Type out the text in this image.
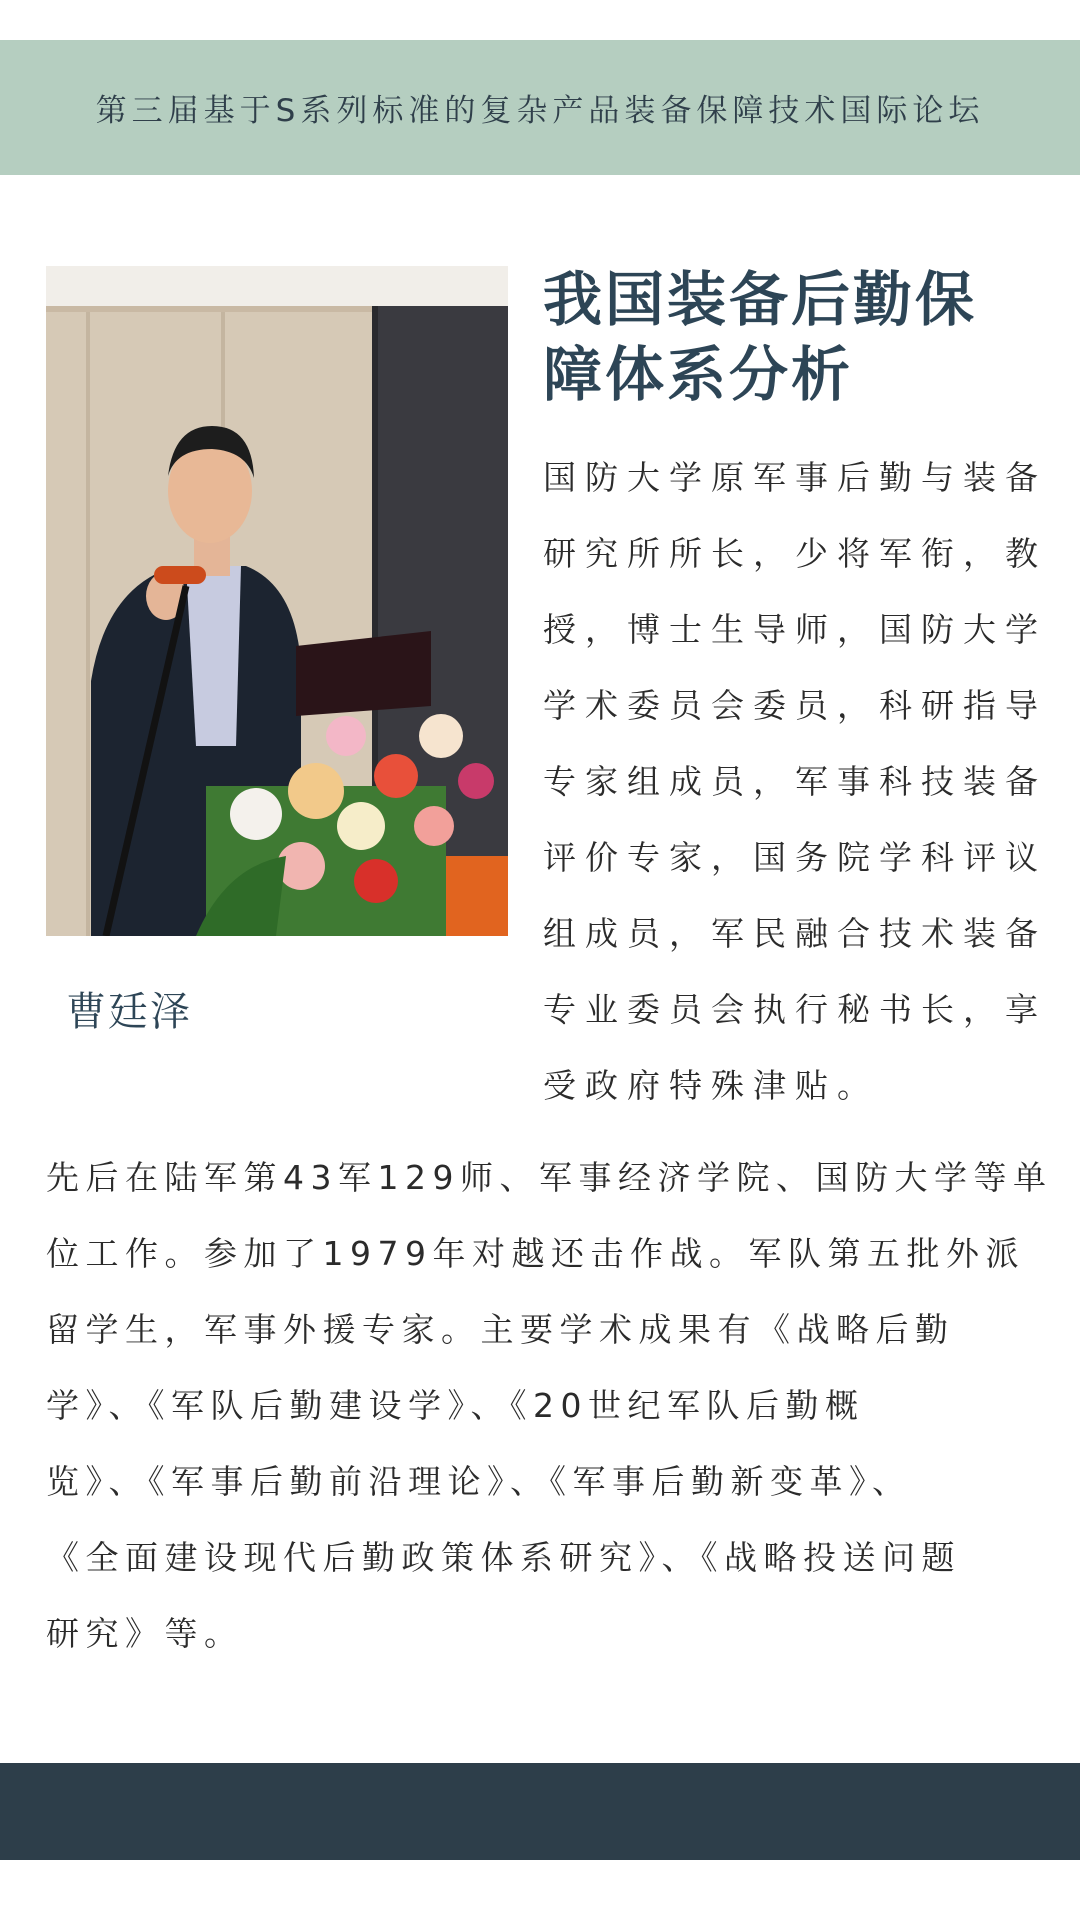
第三届基于S系列标准的复杂产品装备保障技术国际论坛
曹廷泽
我国装备后勤保
障体系分析
国防大学原军事后勤与装备
研究所所长，少将军衔，教
授，博士生导师，国防大学
学术委员会委员，科研指导
专家组成员，军事科技装备
评价专家，国务院学科评议
组成员，军民融合技术装备
专业委员会执行秘书长，享
受政府特殊津贴。
先后在陆军第43军129师、军事经济学院、国防大学等单
位工作。参加了1979年对越还击作战。军队第五批外派
留学生，军事外援专家。主要学术成果有《战略后勤
学》、《军队后勤建设学》、《20世纪军队后勤概
览》、《军事后勤前沿理论》、《军事后勤新变革》、
《全面建设现代后勤政策体系研究》、《战略投送问题
研究》等。
